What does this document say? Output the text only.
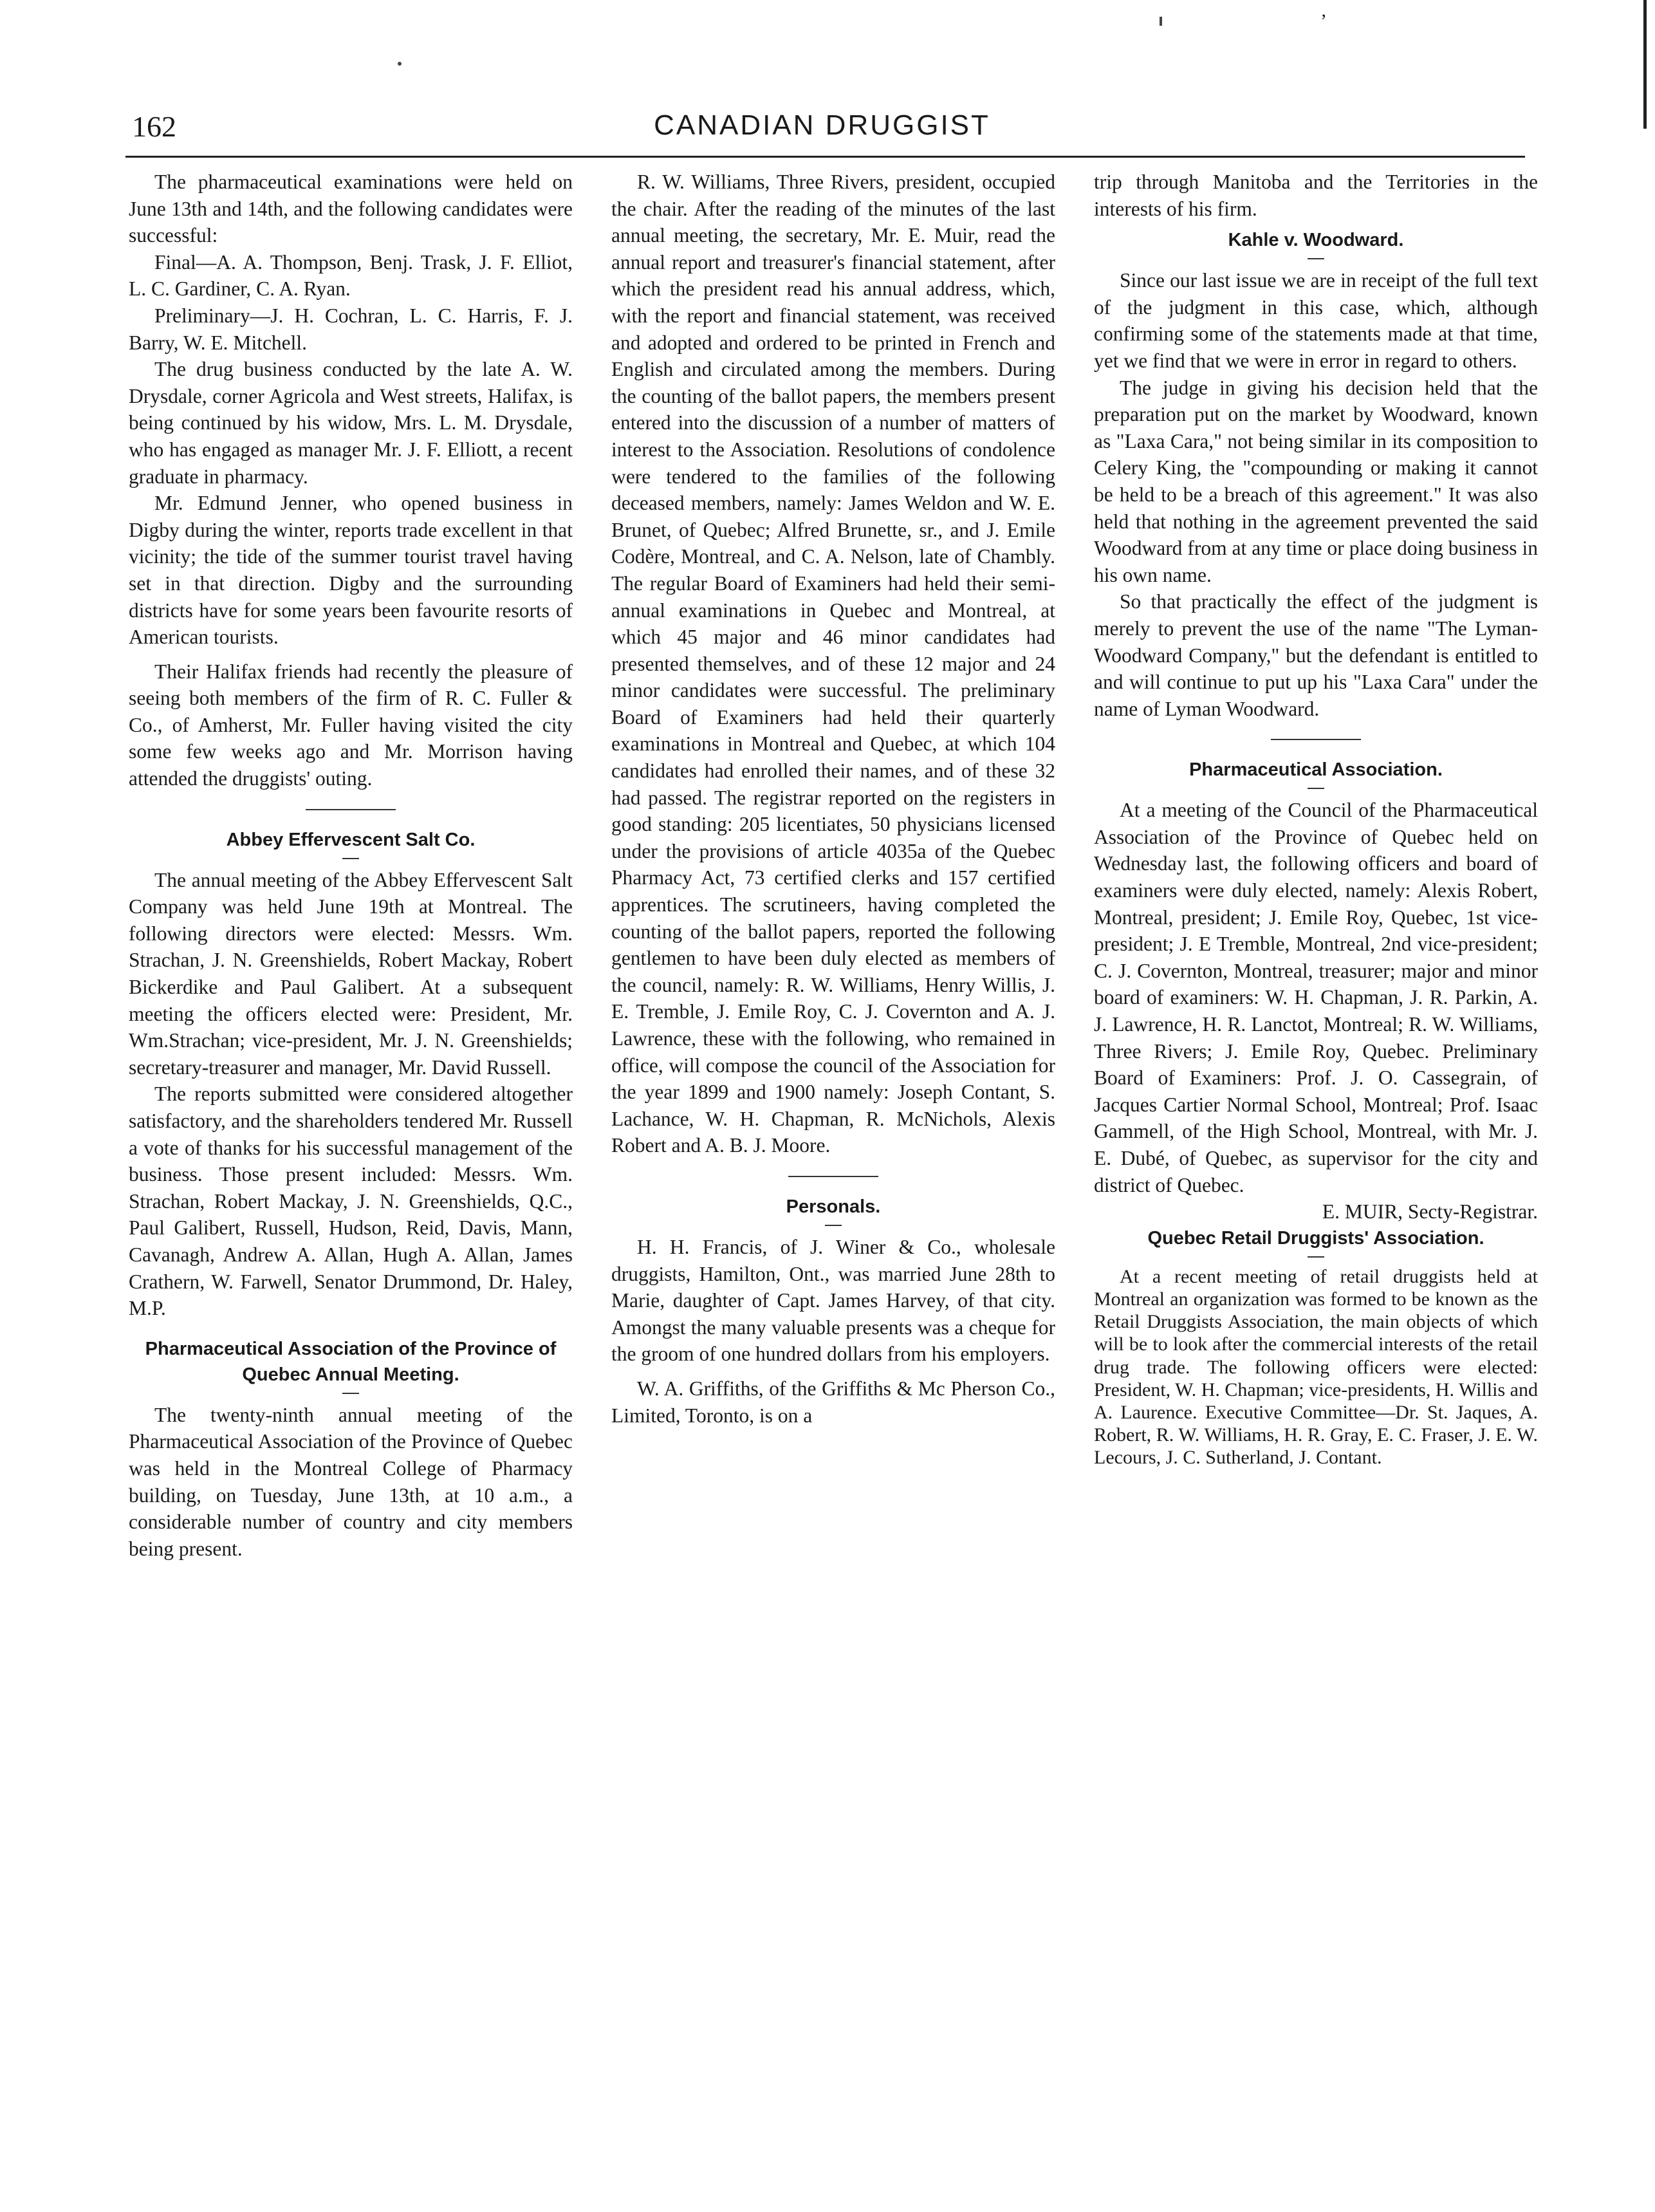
’
162	CANADIAN DRUGGIST

The pharmaceutical examinations were held on June 13th and 14th, and the following candidates were successful:

Final—A. A. Thompson, Benj. Trask, J. F. Elliot, L. C. Gardiner, C. A. Ryan.

Preliminary—J. H. Cochran, L. C. Harris, F. J. Barry, W. E. Mitchell.

The drug business conducted by the late A. W. Drysdale, corner Agricola and West streets, Halifax, is being continued by his widow, Mrs. L. M. Drysdale, who has engaged as manager Mr. J. F. Elliott, a recent graduate in pharmacy.

Mr. Edmund Jenner, who opened business in Digby during the winter, reports trade excellent in that vicinity; the tide of the summer tourist travel having set in that direction. Digby and the surrounding districts have for some years been favourite resorts of American tourists.

Their Halifax friends had recently the pleasure of seeing both members of the firm of R. C. Fuller & Co., of Amherst, Mr. Fuller having visited the city some few weeks ago and Mr. Morrison having attended the druggists' outing.

Abbey Effervescent Salt Co.

The annual meeting of the Abbey Effervescent Salt Company was held June 19th at Montreal. The following directors were elected: Messrs. Wm. Strachan, J. N. Greenshields, Robert Mackay, Robert Bickerdike and Paul Galibert. At a subsequent meeting the officers elected were: President, Mr. Wm.Strachan; vice-president, Mr. J. N. Greenshields; secretary-treasurer and manager, Mr. David Russell.

The reports submitted were considered altogether satisfactory, and the shareholders tendered Mr. Russell a vote of thanks for his successful management of the business. Those present included: Messrs. Wm. Strachan, Robert Mackay, J. N. Greenshields, Q.C., Paul Galibert, Russell, Hudson, Reid, Davis, Mann, Cavanagh, Andrew A. Allan, Hugh A. Allan, James Crathern, W. Farwell, Senator Drummond, Dr. Haley, M.P.

Pharmaceutical Association of the Province of Quebec Annual Meeting.

The twenty-ninth annual meeting of the Pharmaceutical Association of the Province of Quebec was held in the Montreal College of Pharmacy building, on Tuesday, June 13th, at 10 a.m., a considerable number of country and city members being present.

R. W. Williams, Three Rivers, president, occupied the chair. After the reading of the minutes of the last annual meeting, the secretary, Mr. E. Muir, read the annual report and treasurer's financial statement, after which the president read his annual address, which, with the report and financial statement, was received and adopted and ordered to be printed in French and English and circulated among the members. During the counting of the ballot papers, the members present entered into the discussion of a number of matters of interest to the Association. Resolutions of condolence were tendered to the families of the following deceased members, namely: James Weldon and W. E. Brunet, of Quebec; Alfred Brunette, sr., and J. Emile Codère, Montreal, and C. A. Nelson, late of Chambly. The regular Board of Examiners had held their semi-annual examinations in Quebec and Montreal, at which 45 major and 46 minor candidates had presented themselves, and of these 12 major and 24 minor candidates were successful. The preliminary Board of Examiners had held their quarterly examinations in Montreal and Quebec, at which 104 candidates had enrolled their names, and of these 32 had passed. The registrar reported on the registers in good standing: 205 licentiates, 50 physicians licensed under the provisions of article 4035a of the Quebec Pharmacy Act, 73 certified clerks and 157 certified apprentices. The scrutineers, having completed the counting of the ballot papers, reported the following gentlemen to have been duly elected as members of the council, namely: R. W. Williams, Henry Willis, J. E. Tremble, J. Emile Roy, C. J. Covernton and A. J. Lawrence, these with the following, who remained in office, will compose the council of the Association for the year 1899 and 1900 namely: Joseph Contant, S. Lachance, W. H. Chapman, R. McNichols, Alexis Robert and A. B. J. Moore.

Personals.

H. H. Francis, of J. Winer & Co., wholesale druggists, Hamilton, Ont., was married June 28th to Marie, daughter of Capt. James Harvey, of that city. Amongst the many valuable presents was a cheque for the groom of one hundred dollars from his employers.

W. A. Griffiths, of the Griffiths & Mc Pherson Co., Limited, Toronto, is on a

trip through Manitoba and the Territories in the interests of his firm.

Kahle v. Woodward.

Since our last issue we are in receipt of the full text of the judgment in this case, which, although confirming some of the statements made at that time, yet we find that we were in error in regard to others.

The judge in giving his decision held that the preparation put on the market by Woodward, known as "Laxa Cara," not being similar in its composition to Celery King, the "compounding or making it cannot be held to be a breach of this agreement." It was also held that nothing in the agreement prevented the said Woodward from at any time or place doing business in his own name.

So that practically the effect of the judgment is merely to prevent the use of the name "The Lyman-Woodward Company," but the defendant is entitled to and will continue to put up his "Laxa Cara" under the name of Lyman Woodward.

Pharmaceutical Association.

At a meeting of the Council of the Pharmaceutical Association of the Province of Quebec held on Wednesday last, the following officers and board of examiners were duly elected, namely: Alexis Robert, Montreal, president; J. Emile Roy, Quebec, 1st vice-president; J. E Tremble, Montreal, 2nd vice-president; C. J. Covernton, Montreal, treasurer; major and minor board of examiners: W. H. Chapman, J. R. Parkin, A. J. Lawrence, H. R. Lanctot, Montreal; R. W. Williams, Three Rivers; J. Emile Roy, Quebec. Preliminary Board of Examiners: Prof. J. O. Cassegrain, of Jacques Cartier Normal School, Montreal; Prof. Isaac Gammell, of the High School, Montreal, with Mr. J. E. Dubé, of Quebec, as supervisor for the city and district of Quebec.

E. MUIR, Secty-Registrar.

Quebec Retail Druggists' Association.

At a recent meeting of retail druggists held at Montreal an organization was formed to be known as the Retail Druggists Association, the main objects of which will be to look after the commercial interests of the retail drug trade. The following officers were elected: President, W. H. Chapman; vice-presidents, H. Willis and A. Laurence. Executive Committee—Dr. St. Jaques, A. Robert, R. W. Williams, H. R. Gray, E. C. Fraser, J. E. W. Lecours, J. C. Sutherland, J. Contant.
